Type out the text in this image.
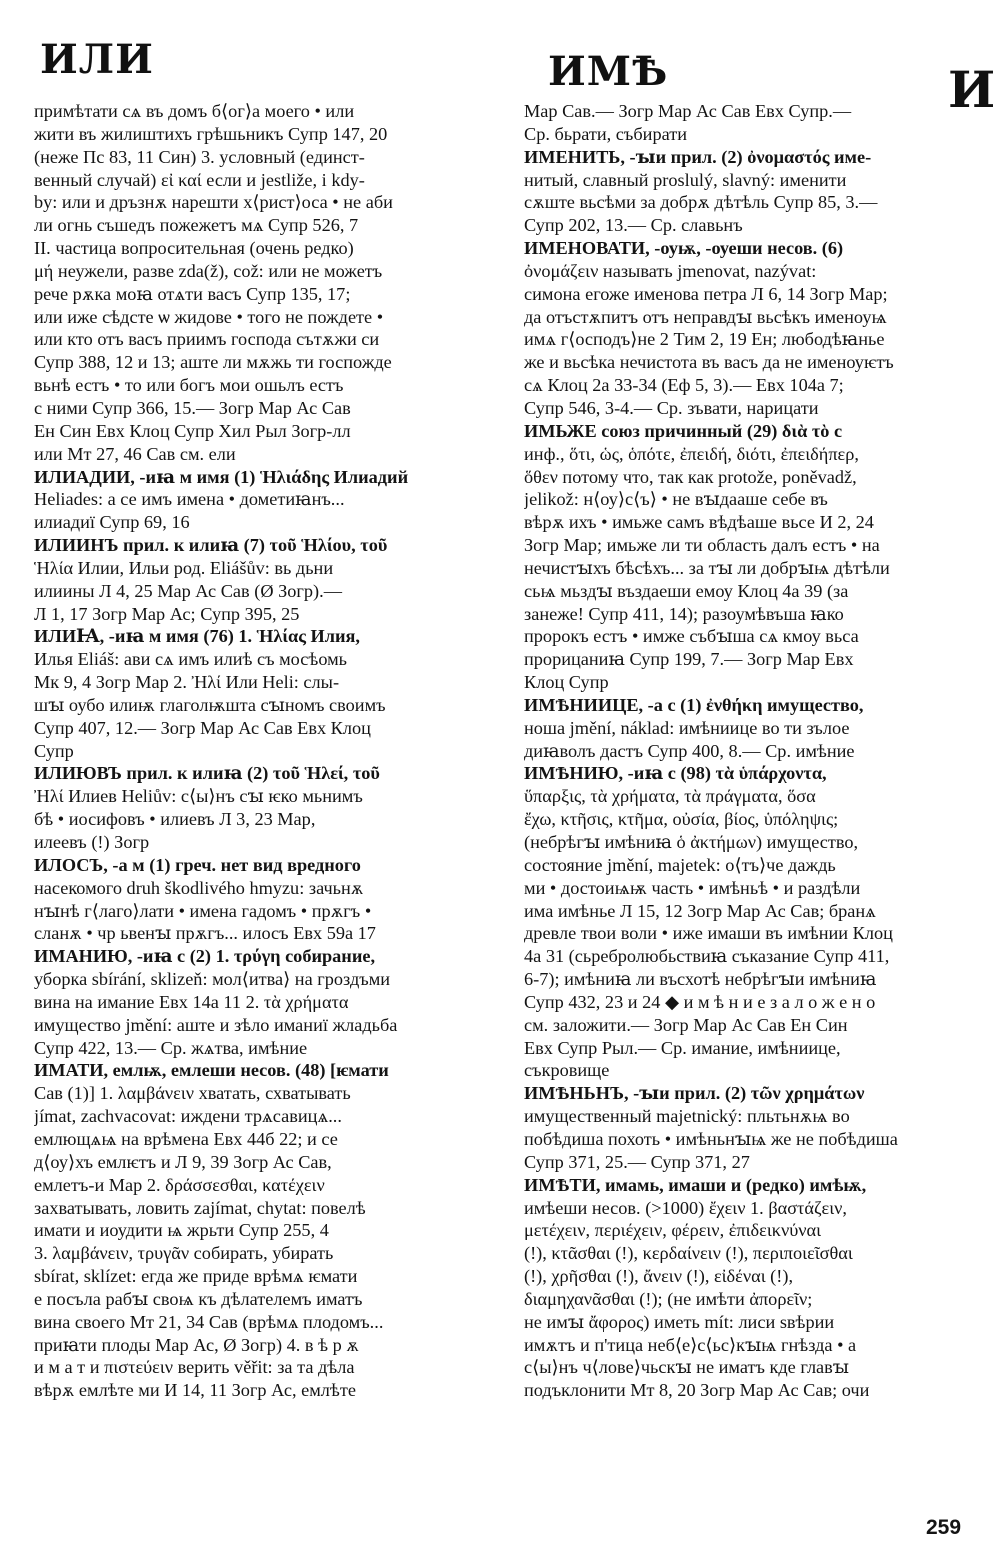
ИЛИ	ИМѢ	И
примѣтати сѧ въ домъ б⟨ог⟩а моего • или
жити въ жилиштихъ грѣшьникъ Супр 147, 20
(неже Пс 83, 11 Син) 3. условный (единст-
венный случай) εἰ καί если и jestliže, i kdy-
by: или и дръзнѫ нарешти х⟨рист⟩оса • не аби
ли огнь съшедъ пожежетъ мѧ Супр 526, 7
II. частица вопросительная (очень редко)
μή неужели, разве zda(ž), což: или не можетъ
рече рѫка моꙗ отѧти васъ Супр 135, 17;
или иже сѣдсте ѡ жидове • того не пождете •
или кто отъ васъ приимъ господа сътѫжи си
Супр 388, 12 и 13; аште ли мѫжь ти госпожде
вьнѣ естъ • то или богъ мои ошьлъ естъ
с ними Супр 366, 15.— Зогр Мар Ас Сав
Ен Син Евх Клоц Супр Хил Рыл Зогр-лл
или Мт 27, 46 Сав см. ели
ИЛИАДИИ, -иꙗ м имя (1) Ἡλιάδης Илиадий
Heliades: а се имъ имена • дометиꙗнъ...
илиадиї Супр 69, 16
ИЛИИНЪ прил. к илиꙗ (7) τοῦ Ἡλίου, τοῦ
Ἡλία Илии, Ильи род. Eliášův: вь дьни
илиины Л 4, 25 Мар Ас Сав (Ø Зогр).—
Л 1, 17 Зогр Мар Ас; Супр 395, 25
ИЛИꙖ, -иꙗ м имя (76) 1. Ἡλίας Илия,
Илья Eliáš: ави сѧ имъ илиѣ съ мосѣомь
Мк 9, 4 Зогр Мар 2. Ἠλί Или Heli: слы-
шꙑ оубо илиѭ глаголѭшта сꙑномъ своимъ
Супр 407, 12.— Зогр Мар Ас Сав Евх Клоц
Супр
ИЛИЮВЪ прил. к илиꙗ (2) τοῦ Ἡλεί, τοῦ
Ἠλί Илиев Heliův: с⟨ы⟩нъ сꙑ ѥко мьнимъ
бѣ • иосифовъ • илиевъ Л 3, 23 Мар,
илеевъ (!) Зогр
ИЛОСЪ, -а м (1) греч. нет вид вредного
насекомого druh škodlivého hmyzu: зачьнѫ
нꙑнѣ г⟨лаго⟩лати • имена гадомъ • прѫгъ •
сланѫ • чр ьвенꙑ прѫгъ... илосъ Евх 59а 17
ИМАНИЮ, -иꙗ с (2) 1. τρύγη собирание,
уборка sbírání, sklizeň: мол⟨итва⟩ на гроздъми
вина на имание Евх 14а 11 2. τὰ χρήματα
имущество jmění: аште и зѣло иманиї жладьба
Супр 422, 13.— Ср. жѧтва, имѣние
ИМАТИ, емлѭ, емлеши несов. (48) [ѥмати
Сав (1)] 1. λαμβάνειν хватать, схватывать
jímat, zachvacovat: иждени трѧсавицѧ...
емлющѧѩ на врѣмена Евх 44б 22; и се
д⟨оу⟩хъ емлѥтъ и Л 9, 39 Зогр Ас Сав,
емлетъ-и Мар 2. δράσσεσθαι, κατέχειν
захватывать, ловить zajímat, chytat: повелѣ
имати и иоудити ѩ жрьти Супр 255, 4
3. λαμβάνειν, τρυγᾶν собирать, убирать
sbírat, sklízet: егда же приде врѣмѧ ѥмати
е посъла рабꙑ своѩ къ дѣлателемъ иматъ
вина своего Мт 21, 34 Сав (врѣмѧ плодомъ...
приꙗти плоды Мар Ас, Ø Зогр) 4. в ѣ р ѫ
и м а т и πιστεύειν верить věřit: за та дѣла
вѣрѫ емлѣте ми И 14, 11 Зогр Ас, емлѣте
Мар Сав.— Зогр Мар Ас Сав Евх Супр.—
Ср. бьрати, събирати
ИМЕНИТЬ, -ꙑи прил. (2) ὀνομαστός име-
нитый, славный proslulý, slavný: именити
сѫште вьсѣми за добрѫ дѣтѣль Супр 85, 3.—
Супр 202, 13.— Ср. славьнъ
ИМЕНОВАТИ, -оуѭ, -оуеши несов. (6)
ὀνομάζειν называть jmenovat, nazývat:
симона егоже именова петра Л 6, 14 Зогр Мар;
да отъстѫпитъ отъ неправдꙑ вьсѣкъ именоуѩ
имѧ г⟨осподъ⟩не 2 Тим 2, 19 Ен; любодѣꙗнье
же и вьсѣка нечистота въ васъ да не именоуѥтъ
сѧ Клоц 2а 33-34 (Еф 5, 3).— Евх 104а 7;
Супр 546, 3-4.— Ср. зъвати, нарицати
ИМЬЖЕ союз причинный (29) διὰ τὸ с
инф., ὅτι, ὡς, ὁπότε, ἐπειδή, διότι, ἐπειδήπερ,
ὅθεν потому что, так как protože, poněvadž,
jelikož: н⟨оу⟩с⟨ъ⟩ • не вꙑдааше себе въ
вѣрѫ ихъ • имьже самъ вѣдѣаше вьсе И 2, 24
Зогр Мар; имьже ли ти область далъ естъ • на
нечистꙑхъ бѣсѣхъ... за тꙑ ли добрꙑѩ дѣтѣли
сьѩ мьздꙑ въздаеши емоу Клоц 4а 39 (за
занеже! Супр 411, 14); разоумѣвъша ꙗко
пророкъ естъ • имже събꙑша сѧ кмоу вьса
прорицаниꙗ Супр 199, 7.— Зогр Мар Евх
Клоц Супр
ИМѢНИИЦЕ, -а с (1) ἐνθήκη имущество,
ноша jmění, náklad: имѣниице во ти зълое
диꙗволъ дастъ Супр 400, 8.— Ср. имѣние
ИМѢНИЮ, -иꙗ с (98) τὰ ὑπάρχοντα,
ὕπαρξις, τὰ χρήματα, τὰ πράγματα, ὅσα
ἔχω, κτῆσις, κτῆμα, οὐσία, βίος, ὑπόληψις;
(небрѣгꙑ имѣниꙗ ὁ ἀκτήμων) имущество,
состояние jmění, majetek: о⟨тъ⟩че даждь
ми • достоиѩѭ часть • имѣньѣ • и раздѣли
има имѣнье Л 15, 12 Зогр Мар Ас Сав; бранѧ
древле твои воли • иже имаши въ имѣнии Клоц
4а 31 (сьребролюбьствиꙗ съказание Супр 411,
6-7); имѣниꙗ ли въсхотѣ небрѣгꙑи имѣниꙗ
Супр 432, 23 и 24 ◆ и м ѣ н и е з а л о ж е н о
см. заложити.— Зогр Мар Ас Сав Ен Син
Евх Супр Рыл.— Ср. имание, имѣниице,
съкровище
ИМѢНЬНЪ, -ꙑи прил. (2) τῶν χρημάτων
имущественный majetnický: пльтьнѫѩ во
побѣдиша похоть • имѣньнꙑѩ же не побѣдиша
Супр 371, 25.— Супр 371, 27
ИМѢТИ, имамь, имаши и (редко) имѣѭ,
имѣеши несов. (>1000) ἔχειν 1. βαστάζειν,
μετέχειν, περιέχειν, φέρειν, ἐπιδεικνύναι
(!), κτᾶσθαι (!), κερδαίνειν (!), περιποιεῖσθαι
(!), χρῆσθαι (!), ἄνειν (!), εἰδέναι (!),
διαμηχανᾶσθαι (!); (не имѣти ἀπορεῖν;
не имꙑ ἄφορος) иметь mít: лиси ѕвѣрии
имѫтъ и п'тица неб⟨е⟩с⟨ьс⟩кꙑѩ гнѣзда • а
с⟨ы⟩нъ ч⟨лове⟩чьскꙑ не иматъ кде главꙑ
подъклонити Мт 8, 20 Зогр Мар Ас Сав; очи
259
